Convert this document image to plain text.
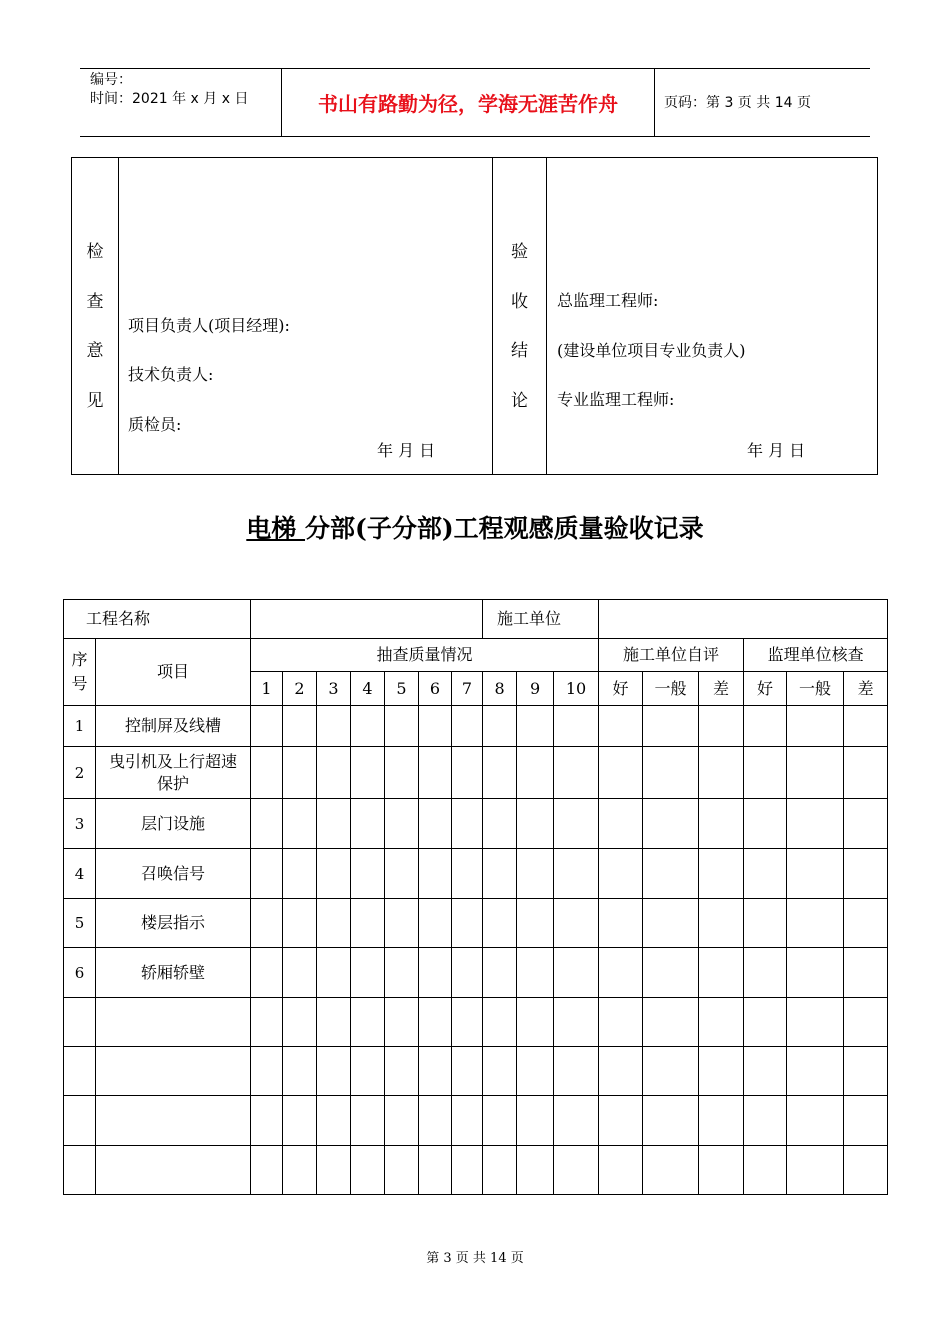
编号：
时间：2021 年 x 月 x 日	书山有路勤为径，学海无涯苦作舟	页码：第 3 页 共 14 页
检
查
意
见

项目负责人(项目经理):
技术负责人:
质检员:
年 月 日

验
收
结
论

总监理工程师:
(建设单位项目专业负责人)
专业监理工程师:
年 月 日
电梯 分部(子分部)工程观感质量验收记录
工程名称									施工单位								
序号	项目	抽查质量情况										施工单位自评			监理单位核查		
		1	2	3	4	5	6	7	8	9	10	好	一般	差	好	一般	差
1	控制屏及线槽																
2	曳引机及上行超速保护																
3	层门设施																
4	召唤信号																
5	楼层指示																
6	轿厢轿壁																

第 3 页 共 14 页
